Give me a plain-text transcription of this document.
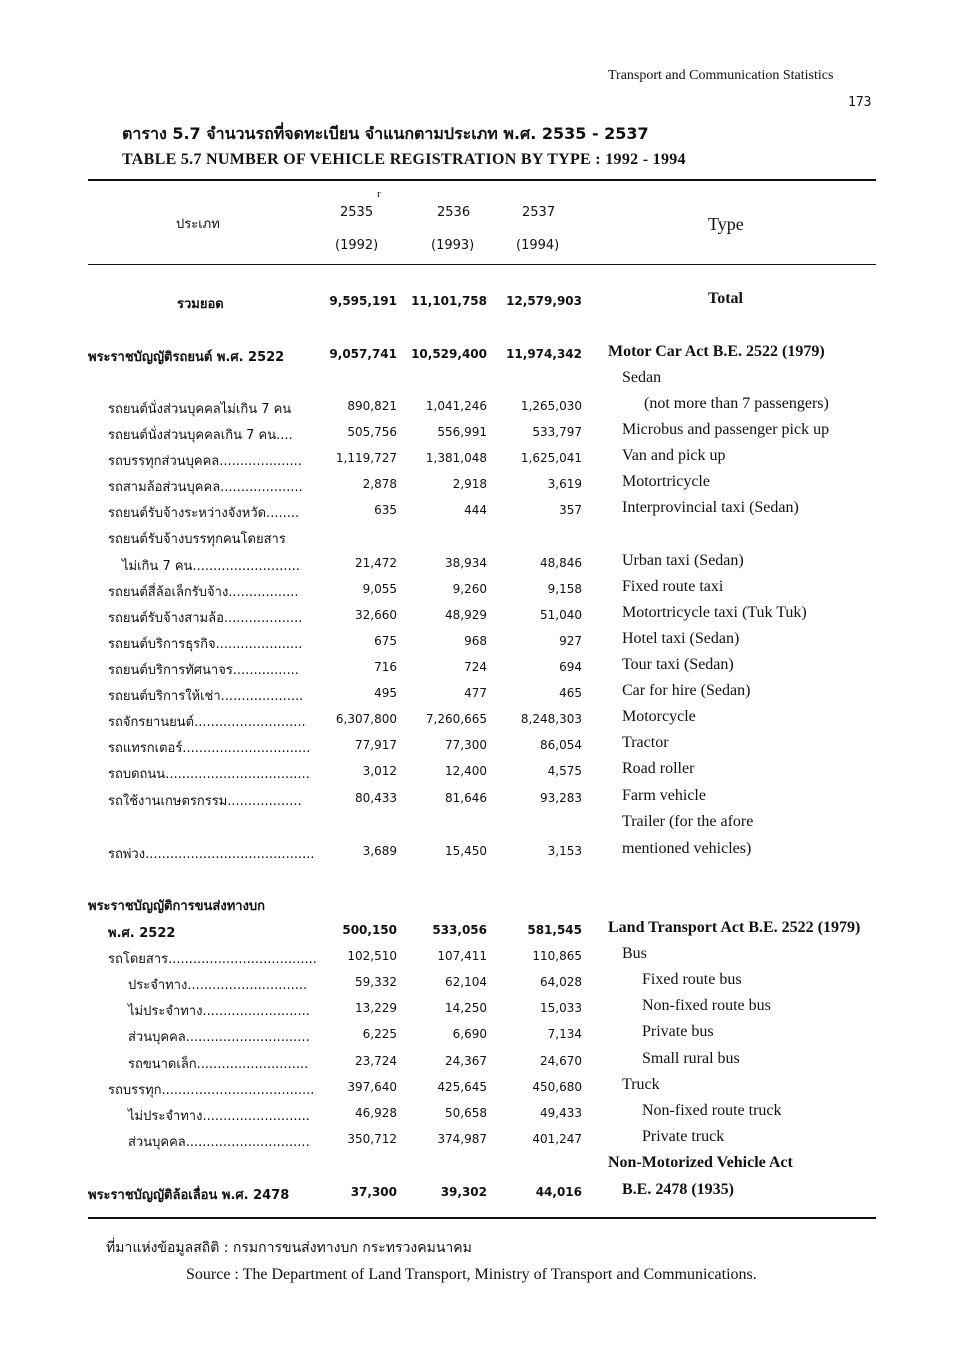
Transport and Communication Statistics
173
ตาราง 5.7 จำนวนรถที่จดทะเบียน จำแนกตามประเภท พ.ศ. 2535 - 2537
TABLE 5.7 NUMBER OF VEHICLE REGISTRATION BY TYPE : 1992 - 1994
ประเภท
r
2535	2536	2537
(1992)	(1993)	(1994)
Type
รวมยอด	9,595,191	11,101,758	12,579,903	Total
พระราชบัญญัติรถยนต์ พ.ศ. 2522	9,057,741	10,529,400	11,974,342 Motor Car Act B.E. 2522 (1979)
Sedan
รถยนต์นั่งส่วนบุคคลไม่เกิน 7 คน	890,821	1,041,246	1,265,030	(not more than 7 passengers)
รถยนต์นั่งส่วนบุคคลเกิน 7 คน....	505,756	556,991	533,797	Microbus and passenger pick up
รถบรรทุกส่วนบุคคล....................	1,119,727	1,381,048	1,625,041	Van and pick up
รถสามล้อส่วนบุคคล....................	2,878	2,918	3,619	Motortricycle
รถยนต์รับจ้างระหว่างจังหวัด........	635	444	357	Interprovincial taxi (Sedan)
รถยนต์รับจ้างบรรทุกคนโดยสาร
ไม่เกิน 7 คน..........................	21,472	38,934	48,846	Urban taxi (Sedan)
รถยนต์สี่ล้อเล็กรับจ้าง.................	9,055	9,260	9,158	Fixed route taxi
รถยนต์รับจ้างสามล้อ...................	32,660	48,929	51,040	Motortricycle taxi (Tuk Tuk)
รถยนต์บริการธุรกิจ.....................	675	968	927	Hotel taxi (Sedan)
รถยนต์บริการทัศนาจร................	716	724	694	Tour taxi (Sedan)
รถยนต์บริการให้เช่า....................	495	477	465	Car for hire (Sedan)
รถจักรยานยนต์...........................	6,307,800	7,260,665	8,248,303	Motorcycle
รถแทรกเตอร์...............................	77,917	77,300	86,054	Tractor
รถบดถนน...................................	3,012	12,400	4,575	Road roller
รถใช้งานเกษตรกรรม..................	80,433	81,646	93,283	Farm vehicle
Trailer (for the afore
รถพ่วง.........................................	3,689	15,450	3,153	mentioned vehicles)
พระราชบัญญัติการขนส่งทางบก
พ.ศ. 2522	500,150	533,056	581,545 Land Transport Act B.E. 2522 (1979)
รถโดยสาร....................................	102,510	107,411	110,865	Bus
ประจำทาง.............................	59,332	62,104	64,028	Fixed route bus
ไม่ประจำทาง..........................	13,229	14,250	15,033	Non-fixed route bus
ส่วนบุคคล..............................	6,225	6,690	7,134	Private bus
รถขนาดเล็ก...........................	23,724	24,367	24,670	Small rural bus
รถบรรทุก.....................................	397,640	425,645	450,680	Truck
ไม่ประจำทาง..........................	46,928	50,658	49,433	Non-fixed route truck
ส่วนบุคคล..............................	350,712	374,987	401,247	Private truck
Non-Motorized Vehicle Act
พระราชบัญญัติล้อเลื่อน พ.ศ. 2478	37,300	39,302	44,016	B.E. 2478 (1935)
ที่มาแห่งข้อมูลสถิติ : กรมการขนส่งทางบก กระทรวงคมนาคม
Source : The Department of Land Transport, Ministry of Transport and Communications.
